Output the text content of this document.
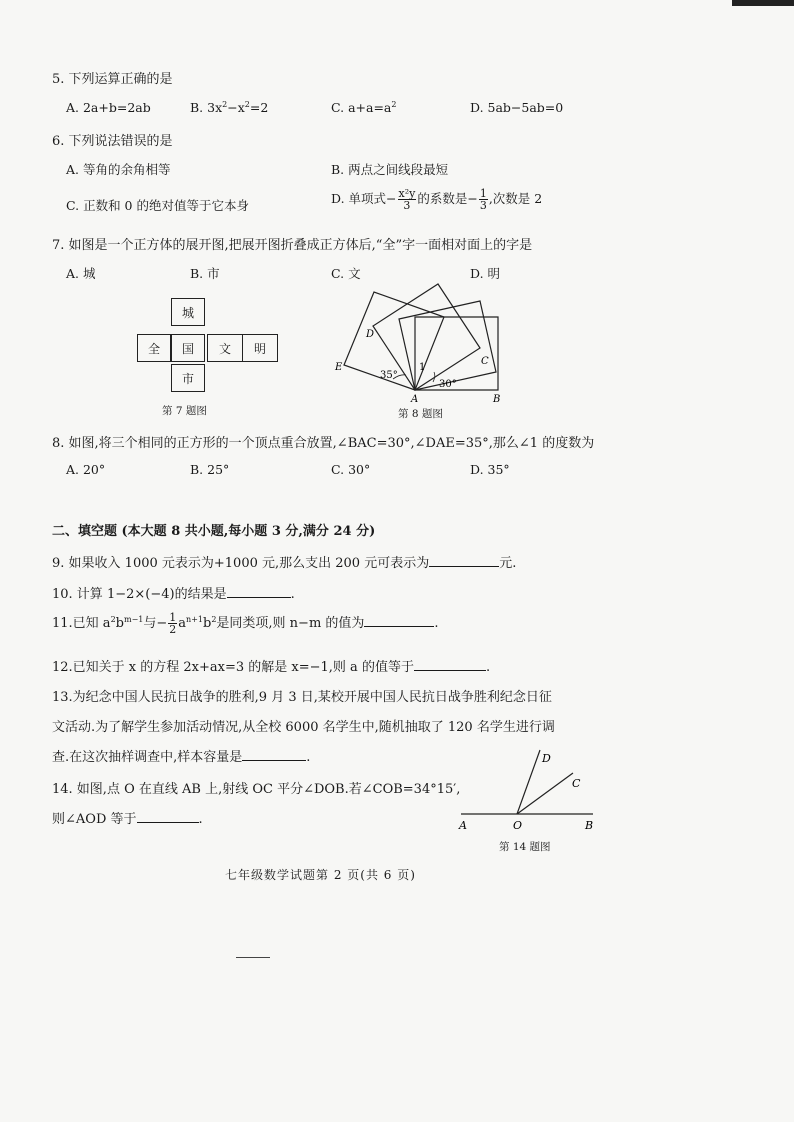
5. 下列运算正确的是
A. 2a+b=2ab	B. $3x^2-x^2=2$	C. $a+a=a^2$	D. 5ab−5ab=0
6. 下列说法错误的是
A. 等角的余角相等	B. 两点之间线段最短
C. 正数和 0 的绝对值等于它本身	D. 单项式− $\frac{\text{x²y}}{3}$ 的系数是− $\frac{1}{3}$ ,次数是 2
7. 如图是一个正方体的展开图,把展开图折叠成正方体后,“全”字一面相对面上的字是
A. 城	B. 市	C. 文	D. 明
城
全	国	文	明
市
第 7 题图
D
E
C
A	B
1
35°
30°
第 8 题图
8. 如图,将三个相同的正方形的一个顶点重合放置,∠BAC=30°,∠DAE=35°,那么∠1 的度数为
A. 20°	B. 25°	C. 30°	D. 35°
二、填空题 (本大题 8 共小题,每小题 3 分,满分 24 分)
9. 如果收入 1000 元表示为+1000 元,那么支出 200 元可表示为	元.
10. 计算 1−2×(−4)的结果是	.
11.已知 $a^2b^{m-1}$与− $\frac{1}{2} a^{n+1}b^2$是同类项,则 n−m 的值为	.
12.已知关于 x 的方程 2x+ax=3 的解是 x=−1,则 a 的值等于	.
13.为纪念中国人民抗日战争的胜利,9 月 3 日,某校开展中国人民抗日战争胜利纪念日征
文活动.为了解学生参加活动情况,从全校 6000 名学生中,随机抽取了 120 名学生进行调
查.在这次抽样调查中,样本容量是	.
14. 如图,点 O 在直线 AB 上,射线 OC 平分∠DOB.若∠COB=34°15′,
则∠AOD 等于	.
D
C
A	O	B
第 14 题图
七年级数学试题第 2 页(共 6 页)
